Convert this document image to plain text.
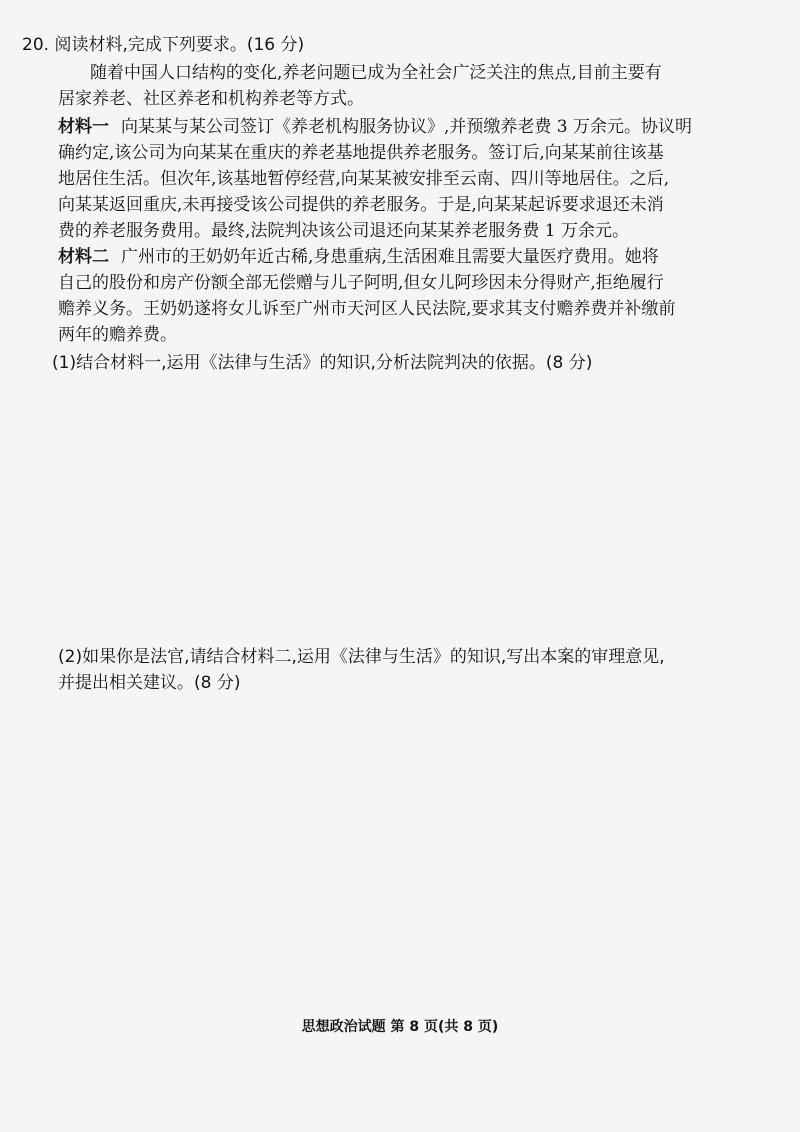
20. 阅读材料,完成下列要求。(16 分)
随着中国人口结构的变化,养老问题已成为全社会广泛关注的焦点,目前主要有
居家养老、社区养老和机构养老等方式。
材料一 向某某与某公司签订《养老机构服务协议》,并预缴养老费 3 万余元。协议明
确约定,该公司为向某某在重庆的养老基地提供养老服务。签订后,向某某前往该基
地居住生活。但次年,该基地暂停经营,向某某被安排至云南、四川等地居住。之后,
向某某返回重庆,未再接受该公司提供的养老服务。于是,向某某起诉要求退还未消
费的养老服务费用。最终,法院判决该公司退还向某某养老服务费 1 万余元。
材料二 广州市的王奶奶年近古稀,身患重病,生活困难且需要大量医疗费用。她将
自己的股份和房产份额全部无偿赠与儿子阿明,但女儿阿珍因未分得财产,拒绝履行
赡养义务。王奶奶遂将女儿诉至广州市天河区人民法院,要求其支付赡养费并补缴前
两年的赡养费。
(1)结合材料一,运用《法律与生活》的知识,分析法院判决的依据。(8 分)
(2)如果你是法官,请结合材料二,运用《法律与生活》的知识,写出本案的审理意见,
并提出相关建议。(8 分)
思想政治试题 第 8 页(共 8 页)
